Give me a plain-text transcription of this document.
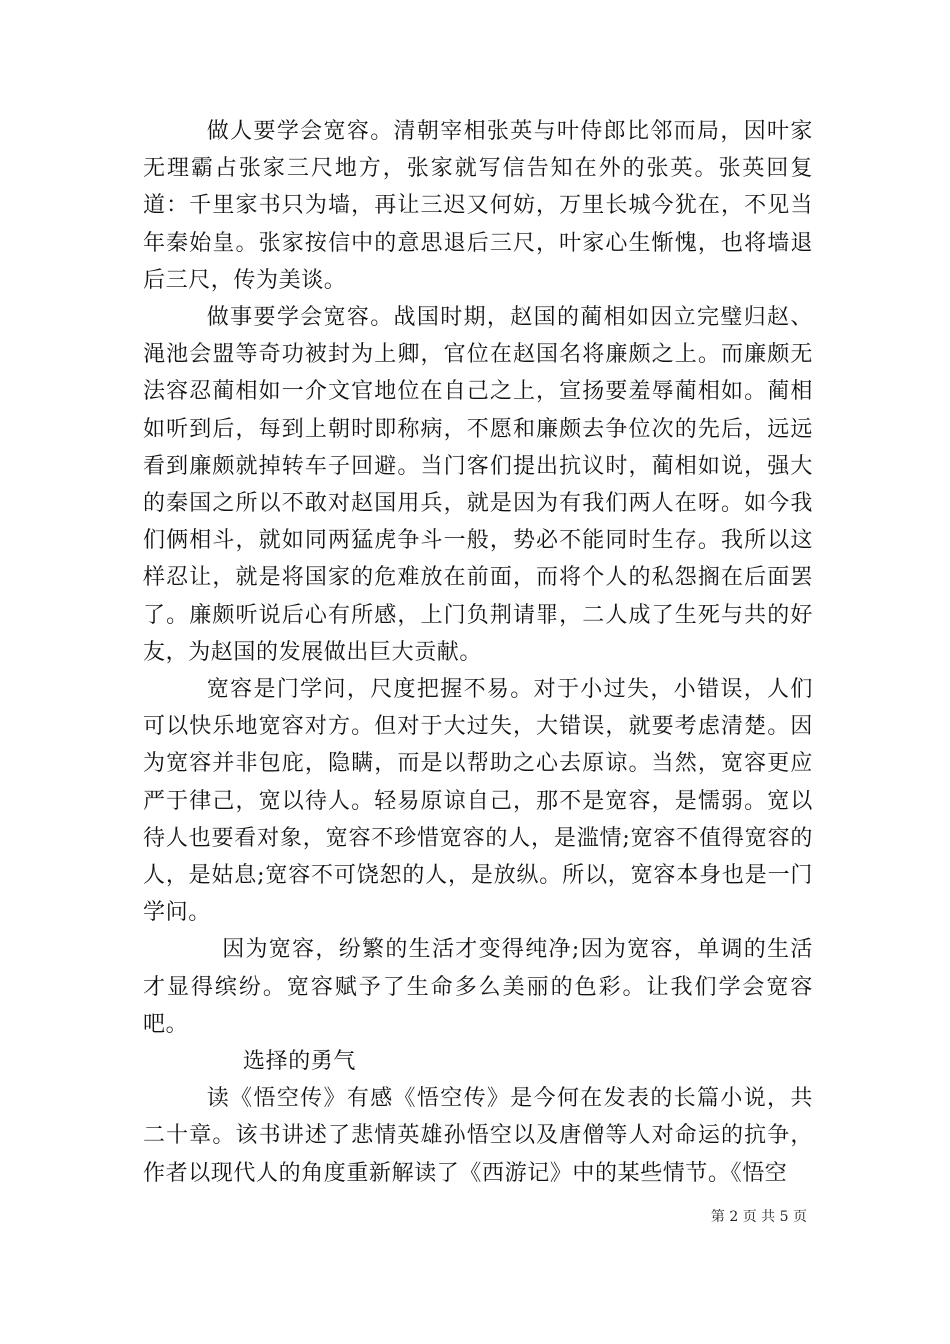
做人要学会宽容。清朝宰相张英与叶侍郎比邻而局，因叶家无理霸占张家三尺地方，张家就写信告知在外的张英。张英回复道：千里家书只为墙，再让三迟又何妨，万里长城今犹在，不见当年秦始皇。张家按信中的意思退后三尺，叶家心生惭愧，也将墙退后三尺，传为美谈。

做事要学会宽容。战国时期，赵国的蔺相如因立完璧归赵、渑池会盟等奇功被封为上卿，官位在赵国名将廉颇之上。而廉颇无法容忍蔺相如一介文官地位在自己之上，宣扬要羞辱蔺相如。蔺相如听到后，每到上朝时即称病，不愿和廉颇去争位次的先后，远远看到廉颇就掉转车子回避。当门客们提出抗议时，蔺相如说，强大的秦国之所以不敢对赵国用兵，就是因为有我们两人在呀。如今我们俩相斗，就如同两猛虎争斗一般，势必不能同时生存。我所以这样忍让，就是将国家的危难放在前面，而将个人的私怨搁在后面罢了。廉颇听说后心有所感，上门负荆请罪，二人成了生死与共的好友，为赵国的发展做出巨大贡献。

宽容是门学问，尺度把握不易。对于小过失，小错误，人们可以快乐地宽容对方。但对于大过失，大错误，就要考虑清楚。因为宽容并非包庇，隐瞒，而是以帮助之心去原谅。当然，宽容更应严于律己，宽以待人。轻易原谅自己，那不是宽容，是懦弱。宽以待人也要看对象，宽容不珍惜宽容的人，是滥情;宽容不值得宽容的人，是姑息;宽容不可饶恕的人，是放纵。所以，宽容本身也是一门学问。

因为宽容，纷繁的生活才变得纯净;因为宽容，单调的生活才显得缤纷。宽容赋予了生命多么美丽的色彩。让我们学会宽容吧。

选择的勇气

读《悟空传》有感《悟空传》是今何在发表的长篇小说，共二十章。该书讲述了悲情英雄孙悟空以及唐僧等人对命运的抗争，作者以现代人的角度重新解读了《西游记》中的某些情节。《悟空

第 2 页 共 5 页
